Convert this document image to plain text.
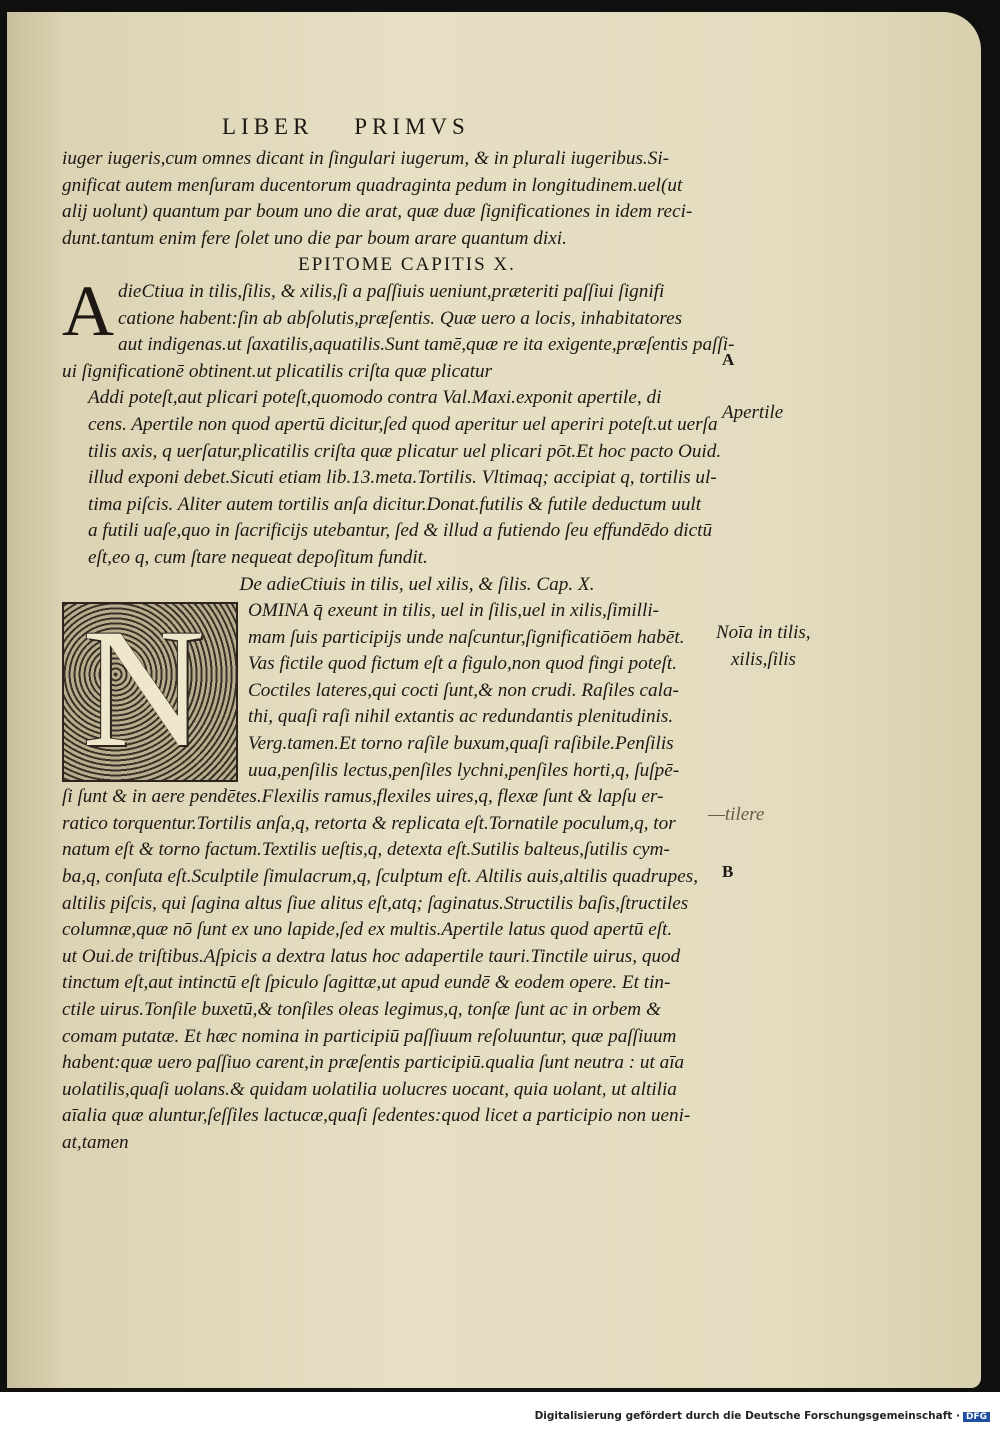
LIBER PRIMVS
iuger iugeris,cum omnes dicant in ſingulari iugerum, & in plurali iugeribus.Si-
gnificat autem menſuram ducentorum quadraginta pedum in longitudinem.uel(ut
alij uolunt) quantum par boum uno die arat, quæ duæ ſignificationes in idem reci-
dunt.tantum enim fere ſolet uno die par boum arare quantum dixi.
EPITOME CAPITIS X.
A dieCtiua in tilis,ſilis, & xilis,ſi a paſſiuis ueniunt,præteriti paſſiui ſignifi
catione habent:ſin ab abſolutis,præſentis. Quæ uero a locis, inhabitatores
aut indigenas.ut ſaxatilis,aquatilis.Sunt tamē,quæ re ita exigente,præſentis paſſi-
ui ſignificationē obtinent.ut plicatilis criſta quæ plicatur
Addi poteſt,aut plicari poteſt,quomodo contra Val.Maxi.exponit apertile, di
cens. Apertile non quod apertū dicitur,ſed quod aperitur uel aperiri poteſt.ut uerſa
tilis axis, q uerſatur,plicatilis criſta quæ plicatur uel plicari pōt.Et hoc pacto Ouid.
illud exponi debet.Sicuti etiam lib.13.meta.Tortilis. Vltimaq; accipiat q, tortilis ul-
tima piſcis. Aliter autem tortilis anſa dicitur.Donat.futilis & futile deductum uult
a futili uaſe,quo in ſacrificijs utebantur, ſed & illud a futiendo ſeu effundēdo dictū
eſt,eo q, cum ſtare nequeat depoſitum fundit.
De adieCtiuis in tilis, uel xilis, & ſilis. Cap. X.
N	OMINA q̄ exeunt in tilis, uel in ſilis,uel in xilis,ſimilli-
mam ſuis participijs unde naſcuntur,ſignificatiōem habēt.
Vas fictile quod fictum eſt a figulo,non quod fingi poteſt.
Coctiles lateres,qui cocti ſunt,& non crudi. Raſiles cala-
thi, quaſi raſi nihil extantis ac redundantis plenitudinis.
Verg.tamen.Et torno raſile buxum,quaſi raſibile.Penſilis
uua,penſilis lectus,penſiles lychni,penſiles horti,q, ſuſpē-
ſi ſunt & in aere pendētes.Flexilis ramus,flexiles uires,q, flexæ ſunt & lapſu er-
ratico torquentur.Tortilis anſa,q, retorta & replicata eſt.Tornatile poculum,q, tor
natum eſt & torno factum.Textilis ueſtis,q, detexta eſt.Sutilis balteus,ſutilis cym-
ba,q, conſuta eſt.Sculptile ſimulacrum,q, ſculptum eſt. Altilis auis,altilis quadrupes,
altilis piſcis, qui ſagina altus ſiue alitus eſt,atq; ſaginatus.Structilis baſis,ſtructiles
columnæ,quæ nō ſunt ex uno lapide,ſed ex multis.Apertile latus quod apertū eſt.
ut Oui.de triſtibus.Aſpicis a dextra latus hoc adapertile tauri.Tinctile uirus, quod
tinctum eſt,aut intinctū eſt ſpiculo ſagittæ,ut apud eundē & eodem opere. Et tin-
ctile uirus.Tonſile buxetū,& tonſiles oleas legimus,q, tonſæ ſunt ac in orbem &
comam putatæ. Et hæc nomina in participiū paſſiuum reſoluuntur, quæ paſſiuum
habent:quæ uero paſſiuo carent,in præſentis participiū.qualia ſunt neutra : ut aīa
uolatilis,quaſi uolans.& quidam uolatilia uolucres uocant, quia uolant, ut altilia
aīalia quæ aluntur,ſeſſiles lactucæ,quaſi ſedentes:quod licet a participio non ueni-
at,tamen
A
Apertile
Noīa in tilis,
xilis,ſilis
—tilere
B
Digitalisierung gefördert durch die Deutsche Forschungsgemeinschaft · DFG
